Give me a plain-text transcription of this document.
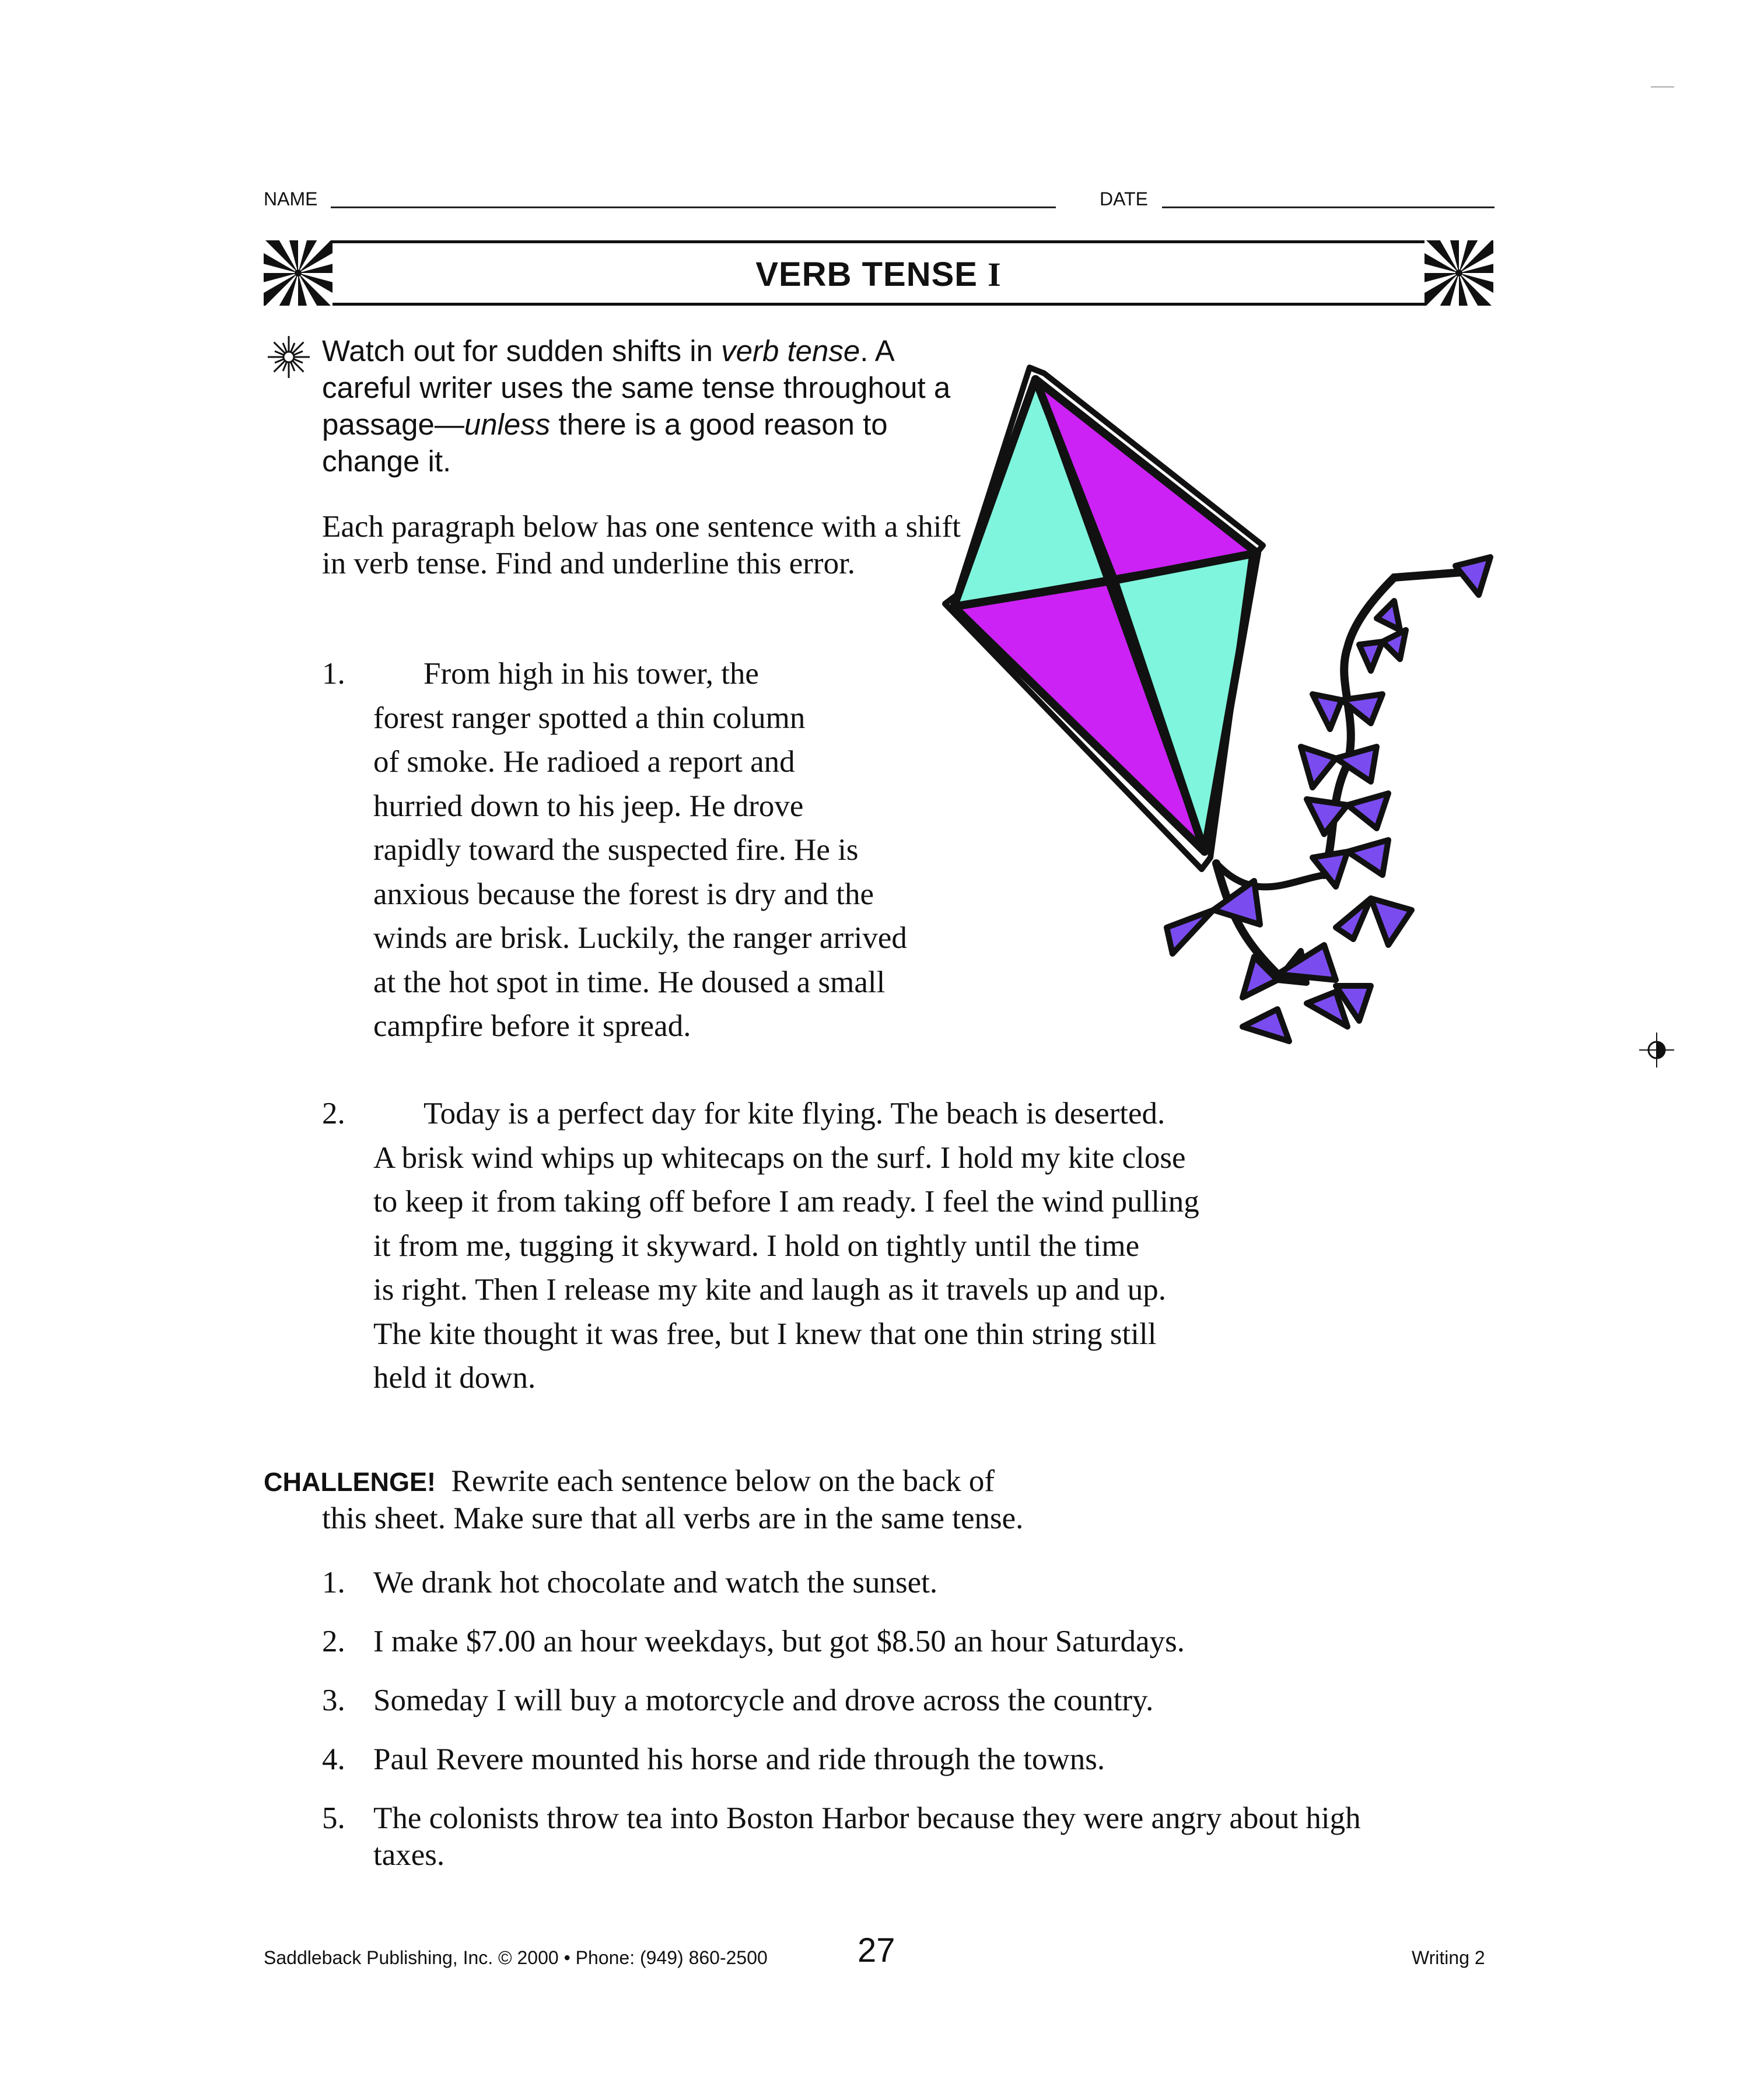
NAME	DATE
VERB TENSE I
Watch out for sudden shifts in verb tense. A careful writer uses the same tense throughout a passage—unless there is a good reason to change it.
Each paragraph below has one sentence with a shift in verb tense. Find and underline this error.
1.	From high in his tower, the
forest ranger spotted a thin column
of smoke. He radioed a report and
hurried down to his jeep. He drove
rapidly toward the suspected fire. He is
anxious because the forest is dry and the
winds are brisk. Luckily, the ranger arrived
at the hot spot in time. He doused a small
campfire before it spread.
2.	Today is a perfect day for kite flying. The beach is deserted.
A brisk wind whips up whitecaps on the surf. I hold my kite close
to keep it from taking off before I am ready. I feel the wind pulling
it from me, tugging it skyward. I hold on tightly until the time
is right. Then I release my kite and laugh as it travels up and up.
The kite thought it was free, but I knew that one thin string still
held it down.
CHALLENGE! Rewrite each sentence below on the back of
this sheet. Make sure that all verbs are in the same tense.
1. We drank hot chocolate and watch the sunset.
2. I make $7.00 an hour weekdays, but got $8.50 an hour Saturdays.
3. Someday I will buy a motorcycle and drove across the country.
4. Paul Revere mounted his horse and ride through the towns.
5. The colonists throw tea into Boston Harbor because they were angry about high taxes.
Saddleback Publishing, Inc. © 2000 • Phone: (949) 860-2500	27	Writing 2
